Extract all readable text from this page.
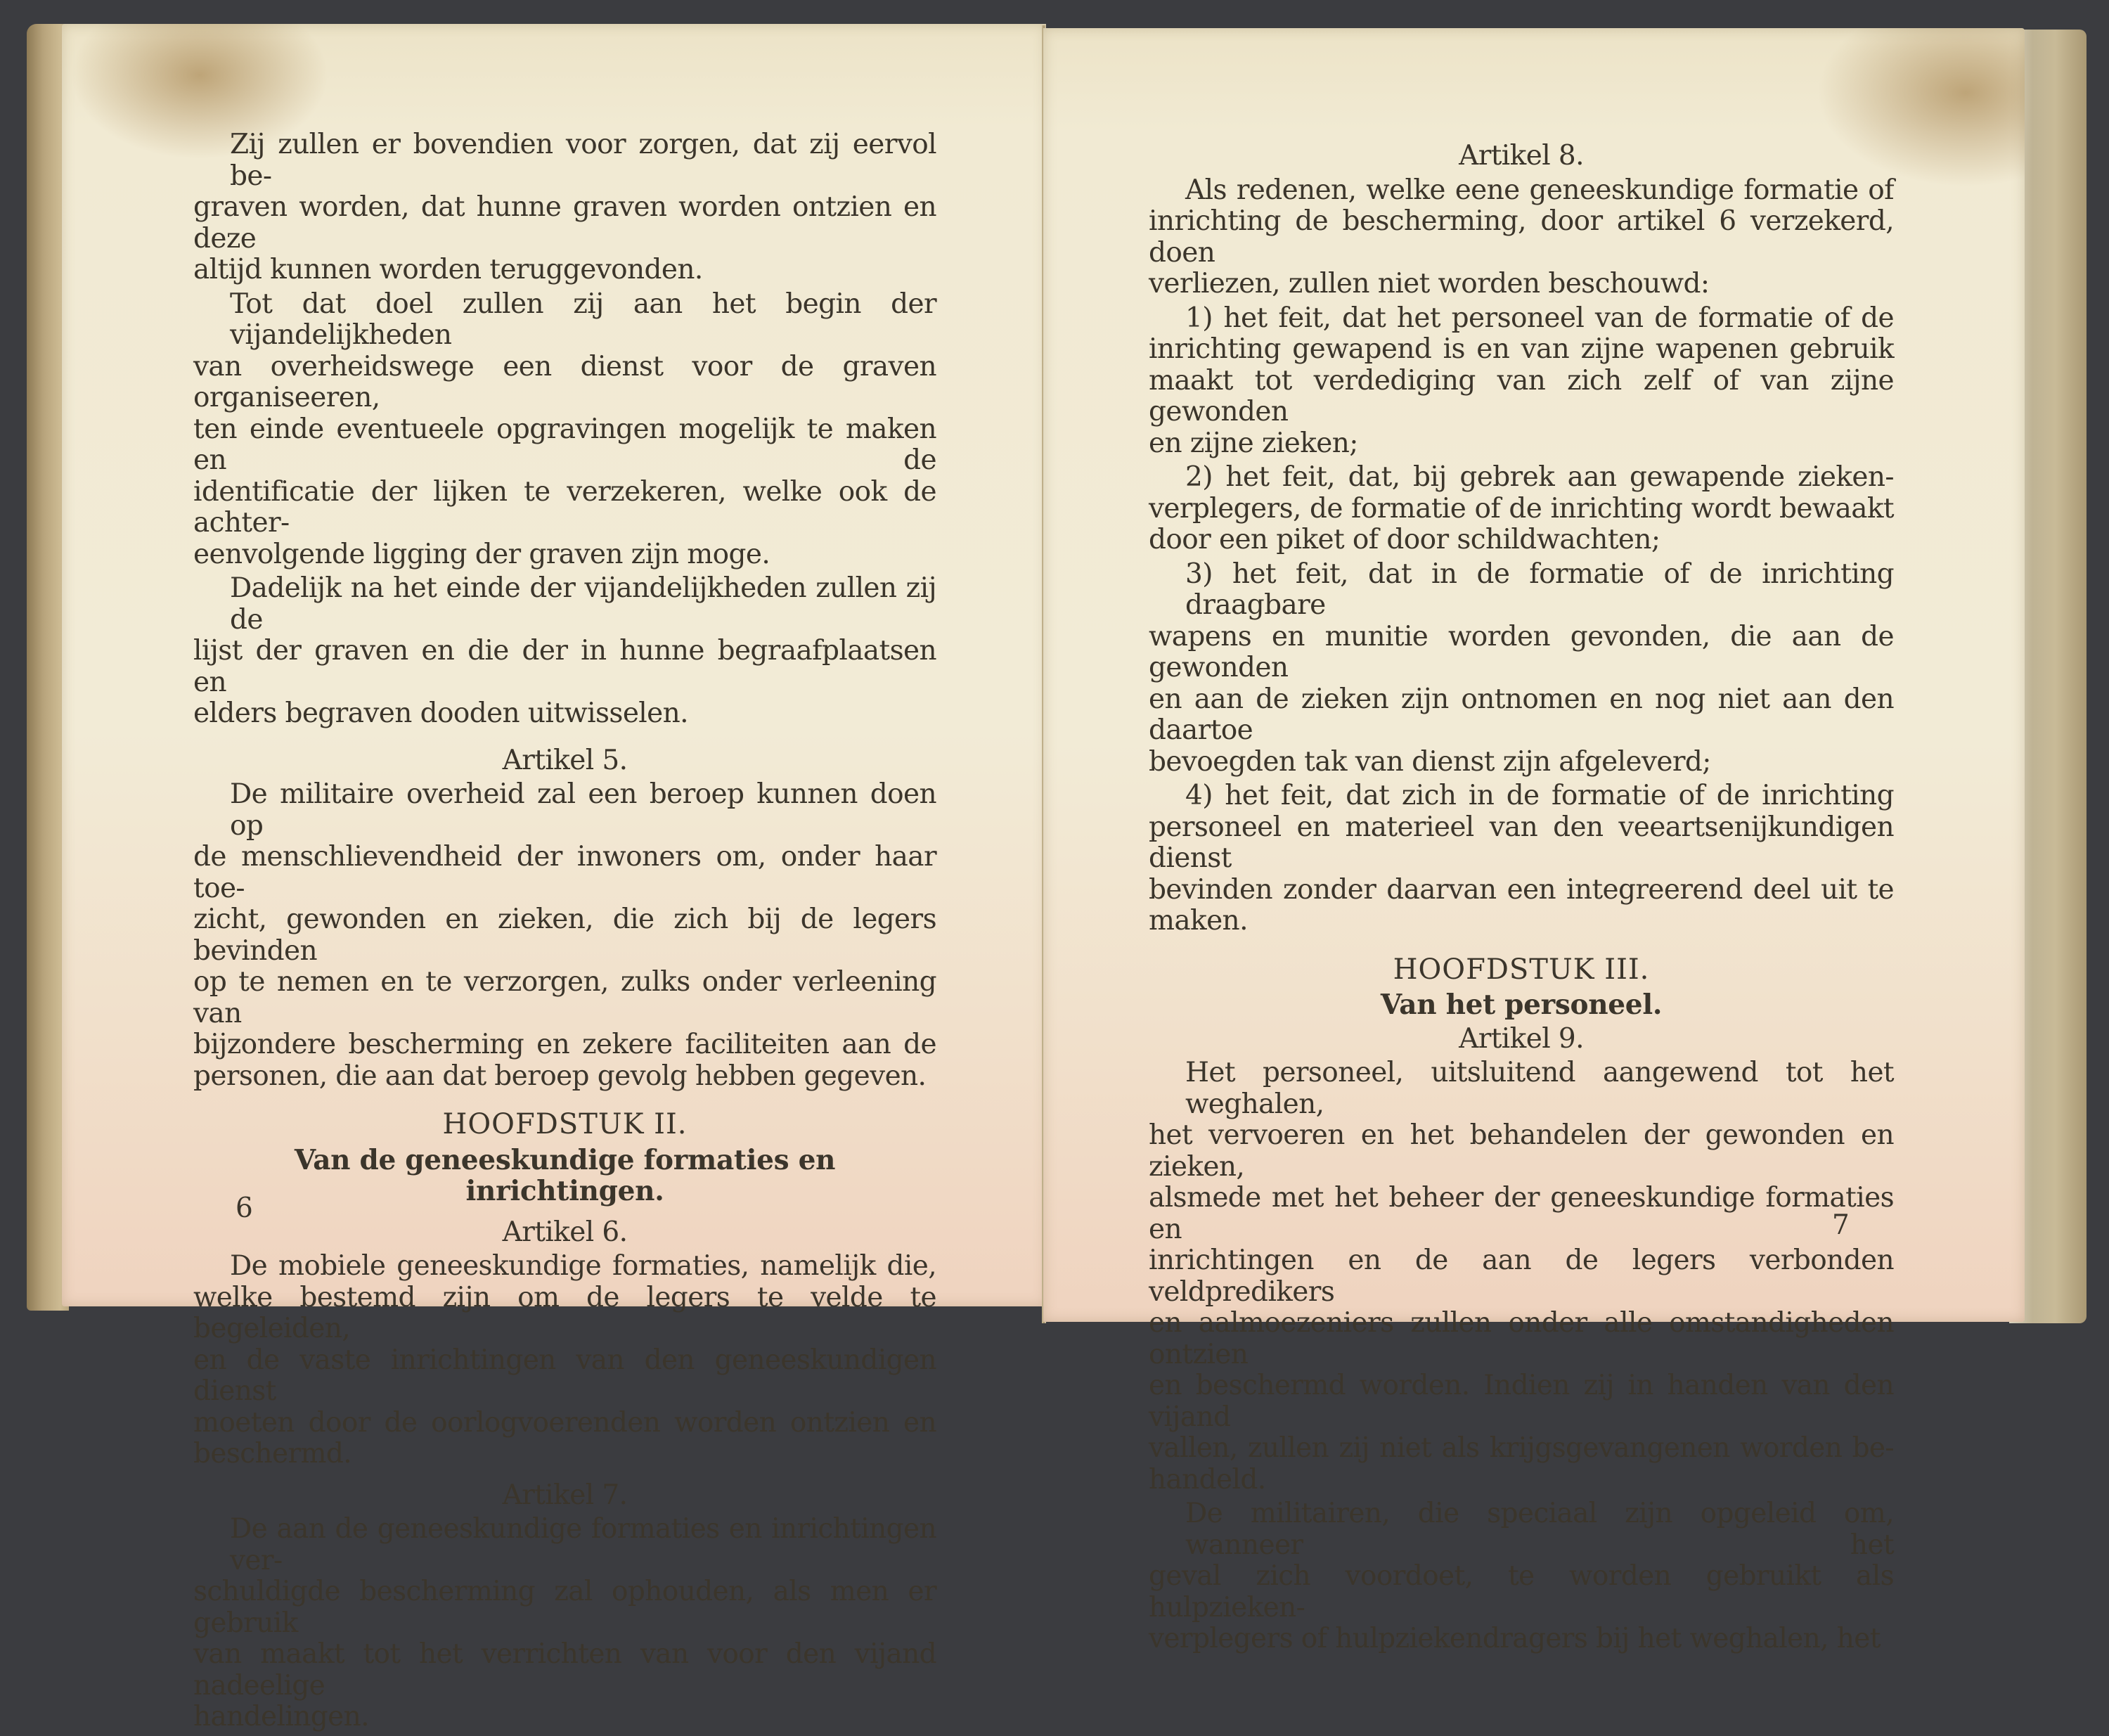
Zij zullen er bovendien voor zorgen, dat zij eervol be-
graven worden, dat hunne graven worden ontzien en deze
altijd kunnen worden teruggevonden.
Tot dat doel zullen zij aan het begin der vijandelijkheden
van overheidswege een dienst voor de graven organiseeren,
ten einde eventueele opgravingen mogelijk te maken en de
identificatie der lijken te verzekeren, welke ook de achter-
eenvolgende ligging der graven zijn moge.
Dadelijk na het einde der vijandelijkheden zullen zij de
lijst der graven en die der in hunne begraafplaatsen en
elders begraven dooden uitwisselen.
Artikel 5.
De militaire overheid zal een beroep kunnen doen op
de menschlievendheid der inwoners om, onder haar toe-
zicht, gewonden en zieken, die zich bij de legers bevinden
op te nemen en te verzorgen, zulks onder verleening van
bijzondere bescherming en zekere faciliteiten aan de
personen, die aan dat beroep gevolg hebben gegeven.
HOOFDSTUK II.
Van de geneeskundige formaties en inrichtingen.
Artikel 6.
De mobiele geneeskundige formaties, namelijk die,
welke bestemd zijn om de legers te velde te begeleiden,
en de vaste inrichtingen van den geneeskundigen dienst
moeten door de oorlogvoerenden worden ontzien en
beschermd.
Artikel 7.
De aan de geneeskundige formaties en inrichtingen ver-
schuldigde bescherming zal ophouden, als men er gebruik
van maakt tot het verrichten van voor den vijand nadeelige
handelingen.
6
Artikel 8.
Als redenen, welke eene geneeskundige formatie of
inrichting de bescherming, door artikel 6 verzekerd, doen
verliezen, zullen niet worden beschouwd:
1) het feit, dat het personeel van de formatie of de
inrichting gewapend is en van zijne wapenen gebruik
maakt tot verdediging van zich zelf of van zijne gewonden
en zijne zieken;
2) het feit, dat, bij gebrek aan gewapende zieken-
verplegers, de formatie of de inrichting wordt bewaakt
door een piket of door schildwachten;
3) het feit, dat in de formatie of de inrichting draagbare
wapens en munitie worden gevonden, die aan de gewonden
en aan de zieken zijn ontnomen en nog niet aan den daartoe
bevoegden tak van dienst zijn afgeleverd;
4) het feit, dat zich in de formatie of de inrichting
personeel en materieel van den veeartsenijkundigen dienst
bevinden zonder daarvan een integreerend deel uit te
maken.
HOOFDSTUK III.
Van het personeel.
Artikel 9.
Het personeel, uitsluitend aangewend tot het weghalen,
het vervoeren en het behandelen der gewonden en zieken,
alsmede met het beheer der geneeskundige formaties en
inrichtingen en de aan de legers verbonden veldpredikers
en aalmoezeniers zullen onder alle omstandigheden ontzien
en beschermd worden. Indien zij in handen van den vijand
vallen, zullen zij niet als krijgsgevangenen worden be-
handeld.
De militairen, die speciaal zijn opgeleid om, wanneer het
geval zich voordoet, te worden gebruikt als hulpzieken-
verplegers of hulpziekendragers bij het weghalen, het
7
